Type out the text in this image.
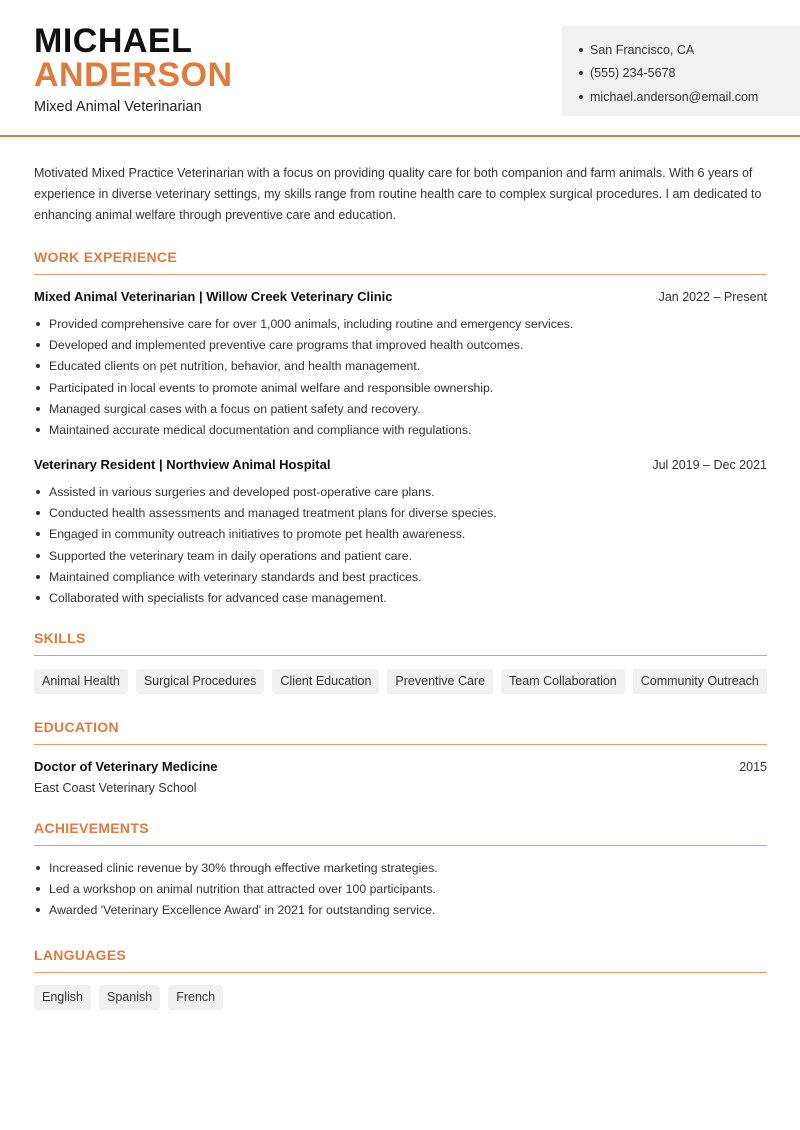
MICHAEL
ANDERSON
Mixed Animal Veterinarian
San Francisco, CA
(555) 234-5678
michael.anderson@email.com

Motivated Mixed Practice Veterinarian with a focus on providing quality care for both companion and farm animals. With 6 years of experience in diverse veterinary settings, my skills range from routine health care to complex surgical procedures. I am dedicated to enhancing animal welfare through preventive care and education.

WORK EXPERIENCE
Mixed Animal Veterinarian | Willow Creek Veterinary Clinic	Jan 2022 – Present
Provided comprehensive care for over 1,000 animals, including routine and emergency services.
Developed and implemented preventive care programs that improved health outcomes.
Educated clients on pet nutrition, behavior, and health management.
Participated in local events to promote animal welfare and responsible ownership.
Managed surgical cases with a focus on patient safety and recovery.
Maintained accurate medical documentation and compliance with regulations.
Veterinary Resident | Northview Animal Hospital	Jul 2019 – Dec 2021
Assisted in various surgeries and developed post-operative care plans.
Conducted health assessments and managed treatment plans for diverse species.
Engaged in community outreach initiatives to promote pet health awareness.
Supported the veterinary team in daily operations and patient care.
Maintained compliance with veterinary standards and best practices.
Collaborated with specialists for advanced case management.
SKILLS
Animal Health	Surgical Procedures	Client Education	Preventive Care	Team Collaboration	Community Outreach
EDUCATION
Doctor of Veterinary Medicine	2015
East Coast Veterinary School
ACHIEVEMENTS
Increased clinic revenue by 30% through effective marketing strategies.
Led a workshop on animal nutrition that attracted over 100 participants.
Awarded 'Veterinary Excellence Award' in 2021 for outstanding service.
LANGUAGES
English	Spanish	French
